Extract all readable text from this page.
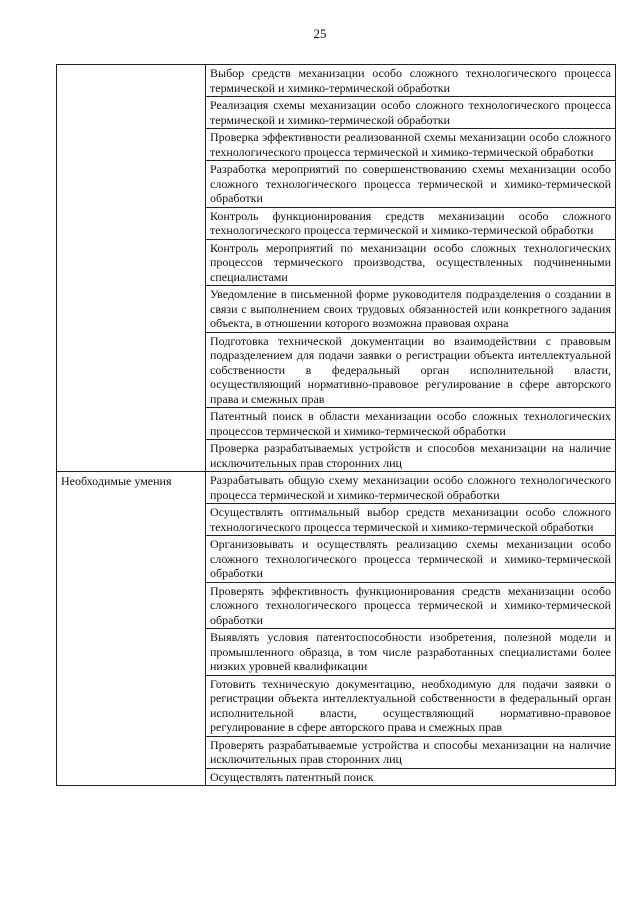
25
	Выбор средств механизации особо сложного технологического процесса термической и химико-термической обработки
	Реализация схемы механизации особо сложного технологического процесса термической и химико-термической обработки
	Проверка эффективности реализованной схемы механизации особо сложного технологического процесса термической и химико-термической обработки
	Разработка мероприятий по совершенствованию схемы механизации особо сложного технологического процесса термической и химико-термической обработки
	Контроль функционирования средств механизации особо сложного технологического процесса термической и химико-термической обработки
	Контроль мероприятий по механизации особо сложных технологических процессов термического производства, осуществленных подчиненными специалистами
	Уведомление в письменной форме руководителя подразделения о создании в связи с выполнением своих трудовых обязанностей или конкретного задания объекта, в отношении которого возможна правовая охрана
	Подготовка технической документации во взаимодействии с правовым подразделением для подачи заявки о регистрации объекта интеллектуальной собственности в федеральный орган исполнительной власти, осуществляющий нормативно-правовое регулирование в сфере авторского права и смежных прав
	Патентный поиск в области механизации особо сложных технологических процессов термической и химико-термической обработки
	Проверка разрабатываемых устройств и способов механизации на наличие исключительных прав сторонних лиц
Необходимые умения	Разрабатывать общую схему механизации особо сложного технологического процесса термической и химико-термической обработки
	Осуществлять оптимальный выбор средств механизации особо сложного технологического процесса термической и химико-термической обработки
	Организовывать и осуществлять реализацию схемы механизации особо сложного технологического процесса термической и химико-термической обработки
	Проверять эффективность функционирования средств механизации особо сложного технологического процесса термической и химико-термической обработки
	Выявлять условия патентоспособности изобретения, полезной модели и промышленного образца, в том числе разработанных специалистами более низких уровней квалификации
	Готовить техническую документацию, необходимую для подачи заявки о регистрации объекта интеллектуальной собственности в федеральный орган исполнительной власти, осуществляющий нормативно-правовое регулирование в сфере авторского права и смежных прав
	Проверять разрабатываемые устройства и способы механизации на наличие исключительных прав сторонних лиц
	Осуществлять патентный поиск
